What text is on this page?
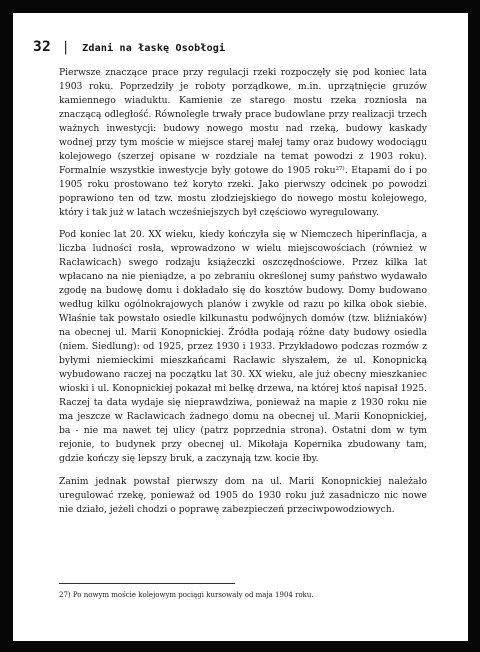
32 | Zdani na łaskę Osobłogi

Pierwsze znaczące prace przy regulacji rzeki rozpoczęły się pod koniec lata 1903 roku. Poprzedziły je roboty porządkowe, m.in. uprzątnięcie gruzów kamiennego wiaduktu. Kamienie ze starego mostu rzeka rozniosła na znaczącą odległość. Równolegle trwały prace budowlane przy realizacji trzech ważnych inwestycji: budowy nowego mostu nad rzeką, budowy kaskady wodnej przy tym moście w miejsce starej małej tamy oraz budowy wodociągu kolejowego (szerzej opisane w rozdziale na temat powodzi z 1903 roku). Formalnie wszystkie inwestycje były gotowe do 1905 roku$^{27)}$. Etapami do i po 1905 roku prostowano też koryto rzeki. Jako pierwszy odcinek po powodzi poprawiono ten od tzw. mostu złodziejskiego do nowego mostu kolejowego, który i tak już w latach wcześniejszych był częściowo wyregulowany.

Pod koniec lat 20. XX wieku, kiedy kończyła się w Niemczech hiperinflacja, a liczba ludności rosła, wprowadzono w wielu miejscowościach (również w Racławicach) swego rodzaju książeczki oszczędnościowe. Przez kilka lat wpłacano na nie pieniądze, a po zebraniu określonej sumy państwo wydawało zgodę na budowę domu i dokładało się do kosztów budowy. Domy budowano według kilku ogólnokrajowych planów i zwykle od razu po kilka obok siebie. Właśnie tak powstało osiedle kilkunastu podwójnych domów (tzw. bliźniaków) na obecnej ul. Marii Konopnickiej. Źródła podają różne daty budowy osiedla (niem. Siedlung): od 1925, przez 1930 i 1933. Przykładowo podczas rozmów z byłymi niemieckimi mieszkańcami Racławic słyszałem, że ul. Konopnicką wybudowano raczej na początku lat 30. XX wieku, ale już obecny mieszkaniec wioski i ul. Konopnickiej pokazał mi belkę drzewa, na której ktoś napisał 1925. Raczej ta data wydaje się nieprawdziwa, ponieważ na mapie z 1930 roku nie ma jeszcze w Racławicach żadnego domu na obecnej ul. Marii Konopnickiej, ba - nie ma nawet tej ulicy (patrz poprzednia strona). Ostatni dom w tym rejonie, to budynek przy obecnej ul. Mikołaja Kopernika zbudowany tam, gdzie kończy się lepszy bruk, a zaczynają tzw. kocie łby.

Zanim jednak powstał pierwszy dom na ul. Marii Konopnickiej należało uregulować rzekę, ponieważ od 1905 do 1930 roku już zasadniczo nic nowe nie działo, jeżeli chodzi o poprawę zabezpieczeń przeciwpowodziowych.

27) Po nowym moście kolejowym pociągi kursowały od maja 1904 roku.
